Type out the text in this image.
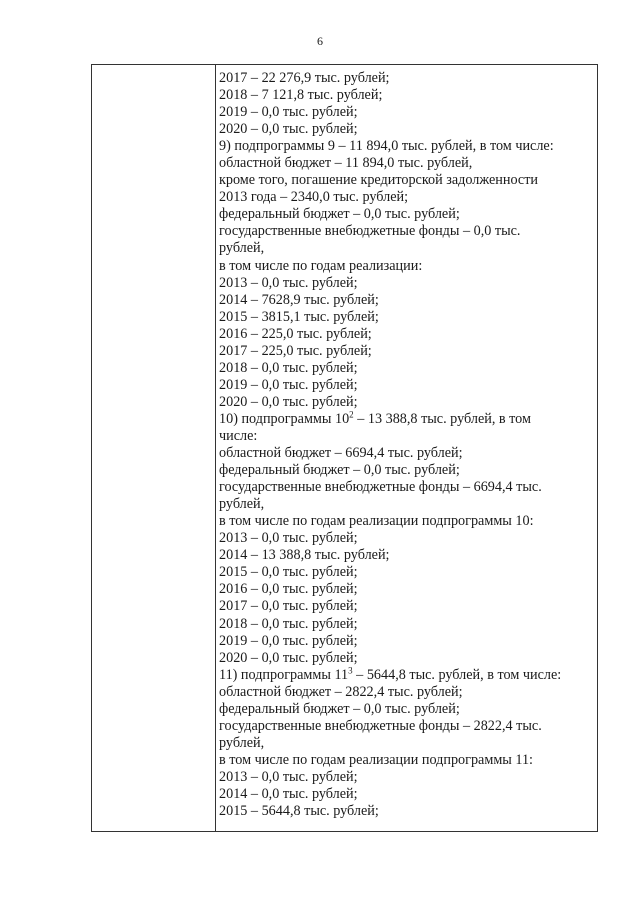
6
2017 – 22 276,9 тыс. рублей;
2018 – 7 121,8 тыс. рублей;
2019 – 0,0 тыс. рублей;
2020 – 0,0 тыс. рублей;
9) подпрограммы 9 – 11 894,0 тыс. рублей, в том числе:
областной бюджет – 11 894,0 тыс. рублей,
кроме того, погашение кредиторской задолженности
2013 года – 2340,0 тыс. рублей;
федеральный бюджет – 0,0 тыс. рублей;
государственные внебюджетные фонды – 0,0 тыс.
рублей,
в том числе по годам реализации:
2013 – 0,0 тыс. рублей;
2014 – 7628,9 тыс. рублей;
2015 – 3815,1 тыс. рублей;
2016 – 225,0 тыс. рублей;
2017 – 225,0 тыс. рублей;
2018 – 0,0 тыс. рублей;
2019 – 0,0 тыс. рублей;
2020 – 0,0 тыс. рублей;
10) подпрограммы $10^2 - 13$ 388,8 тыс. рублей, в том
числе:
областной бюджет – 6694,4 тыс. рублей;
федеральный бюджет – 0,0 тыс. рублей;
государственные внебюджетные фонды – 6694,4 тыс.
рублей,
в том числе по годам реализации подпрограммы 10:
2013 – 0,0 тыс. рублей;
2014 – 13 388,8 тыс. рублей;
2015 – 0,0 тыс. рублей;
2016 – 0,0 тыс. рублей;
2017 – 0,0 тыс. рублей;
2018 – 0,0 тыс. рублей;
2019 – 0,0 тыс. рублей;
2020 – 0,0 тыс. рублей;
11) подпрограммы $11^3 - 5644,8$ тыс. рублей, в том числе:
областной бюджет – 2822,4 тыс. рублей;
федеральный бюджет – 0,0 тыс. рублей;
государственные внебюджетные фонды – 2822,4 тыс.
рублей,
в том числе по годам реализации подпрограммы 11:
2013 – 0,0 тыс. рублей;
2014 – 0,0 тыс. рублей;
2015 – 5644,8 тыс. рублей;
